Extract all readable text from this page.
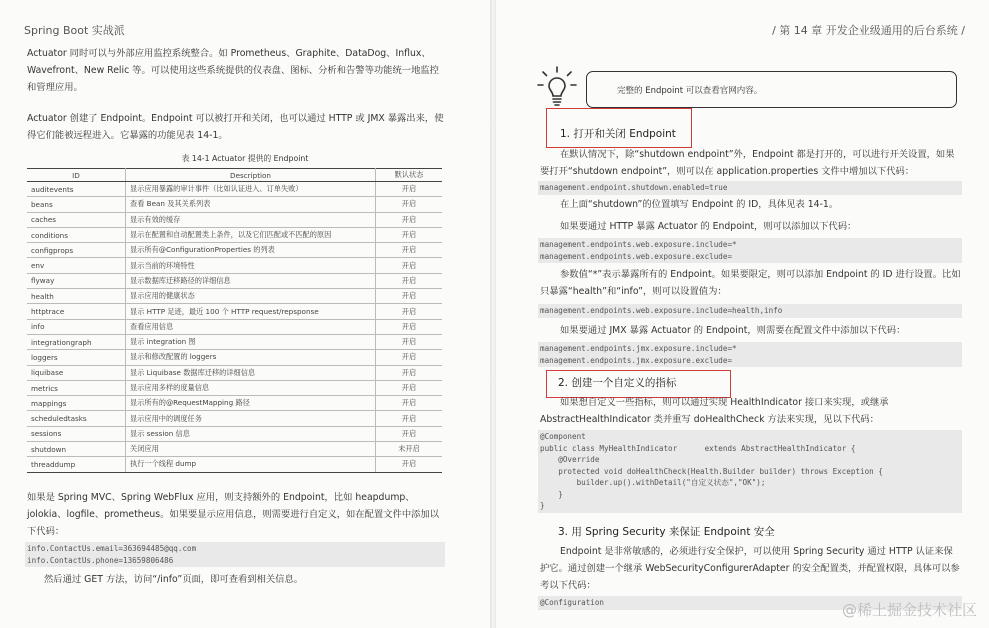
Spring Boot 实战派

Actuator 同时可以与外部应用监控系统整合。如 Prometheus、Graphite、DataDog、Influx、Wavefront、New Relic 等。可以使用这些系统提供的仪表盘、图标、分析和告警等功能统一地监控和管理应用。

Actuator 创建了 Endpoint。Endpoint 可以被打开和关闭，也可以通过 HTTP 或 JMX 暴露出来，使得它们能被远程进入。它暴露的功能见表 14-1。

表 14-1 Actuator 提供的 Endpoint
ID	Description	默认状态
auditevents	显示应用暴露的审计事件（比如认证进入、订单失败）	开启
beans	查看 Bean 及其关系列表	开启
caches	显示有效的缓存	开启
conditions	显示在配置和自动配置类上条件，以及它们匹配或不匹配的原因	开启
configprops	显示所有@ConfigurationProperties 的列表	开启
env	显示当前的环境特性	开启
flyway	显示数据库迁移路径的详细信息	开启
health	显示应用的健康状态	开启
httptrace	显示 HTTP 足迹，最近 100 个 HTTP request/repsponse	开启
info	查看应用信息	开启
integrationgraph	显示 integration 图	开启
loggers	显示和修改配置的 loggers	开启
liquibase	显示 Liquibase 数据库迁移的详细信息	开启
metrics	显示应用多样的度量信息	开启
mappings	显示所有的@RequestMapping 路径	开启
scheduledtasks	显示应用中的调度任务	开启
sessions	显示 session 信息	开启
shutdown	关闭应用	未开启
threaddump	执行一个线程 dump	开启

如果是 Spring MVC、Spring WebFlux 应用，则支持额外的 Endpoint，比如 heapdump、jolokia、logfile、prometheus。如果要显示应用信息，则需要进行自定义，如在配置文件中添加以下代码：

info.ContactUs.email=363694485@qq.com
info.ContactUs.phone=13659806486

然后通过 GET 方法，访问“/info”页面，即可查看到相关信息。

/ 第 14 章 开发企业级通用的后台系统 /
完整的 Endpoint 可以查看官网内容。
1. 打开和关闭 Endpoint

在默认情况下，除“shutdown endpoint”外，Endpoint 都是打开的，可以进行开关设置，如果要打开“shutdown endpoint”，则可以在 application.properties 文件中增加以下代码：

management.endpoint.shutdown.enabled=true

在上面“shutdown”的位置填写 Endpoint 的 ID，具体见表 14-1。

如果要通过 HTTP 暴露 Actuator 的 Endpoint，则可以添加以下代码：

management.endpoints.web.exposure.include=*
management.endpoints.web.exposure.exclude=

参数值“*”表示暴露所有的 Endpoint。如果要限定，则可以添加 Endpoint 的 ID 进行设置。比如只暴露“health”和“info”，则可以设置值为：

management.endpoints.web.exposure.include=health,info

如果要通过 JMX 暴露 Actuator 的 Endpoint，则需要在配置文件中添加以下代码：

management.endpoints.jmx.exposure.include=*
management.endpoints.jmx.exposure.exclude=
2. 创建一个自定义的指标

如果想自定义一些指标，则可以通过实现 HealthIndicator 接口来实现，或继承 AbstractHealthIndicator 类并重写 doHealthCheck 方法来实现，见以下代码：

@Component
public class MyHealthIndicator      extends AbstractHealthIndicator {
@Override
protected void doHealthCheck(Health.Builder builder) throws Exception {
builder.up().withDetail("自定义状态","OK");
}
}
3. 用 Spring Security 来保证 Endpoint 安全

Endpoint 是非常敏感的，必须进行安全保护，可以使用 Spring Security 通过 HTTP 认证来保护它。通过创建一个继承 WebSecurityConfigurerAdapter 的安全配置类，并配置权限，具体可以参考以下代码：

@Configuration	@稀土掘金技术社区
